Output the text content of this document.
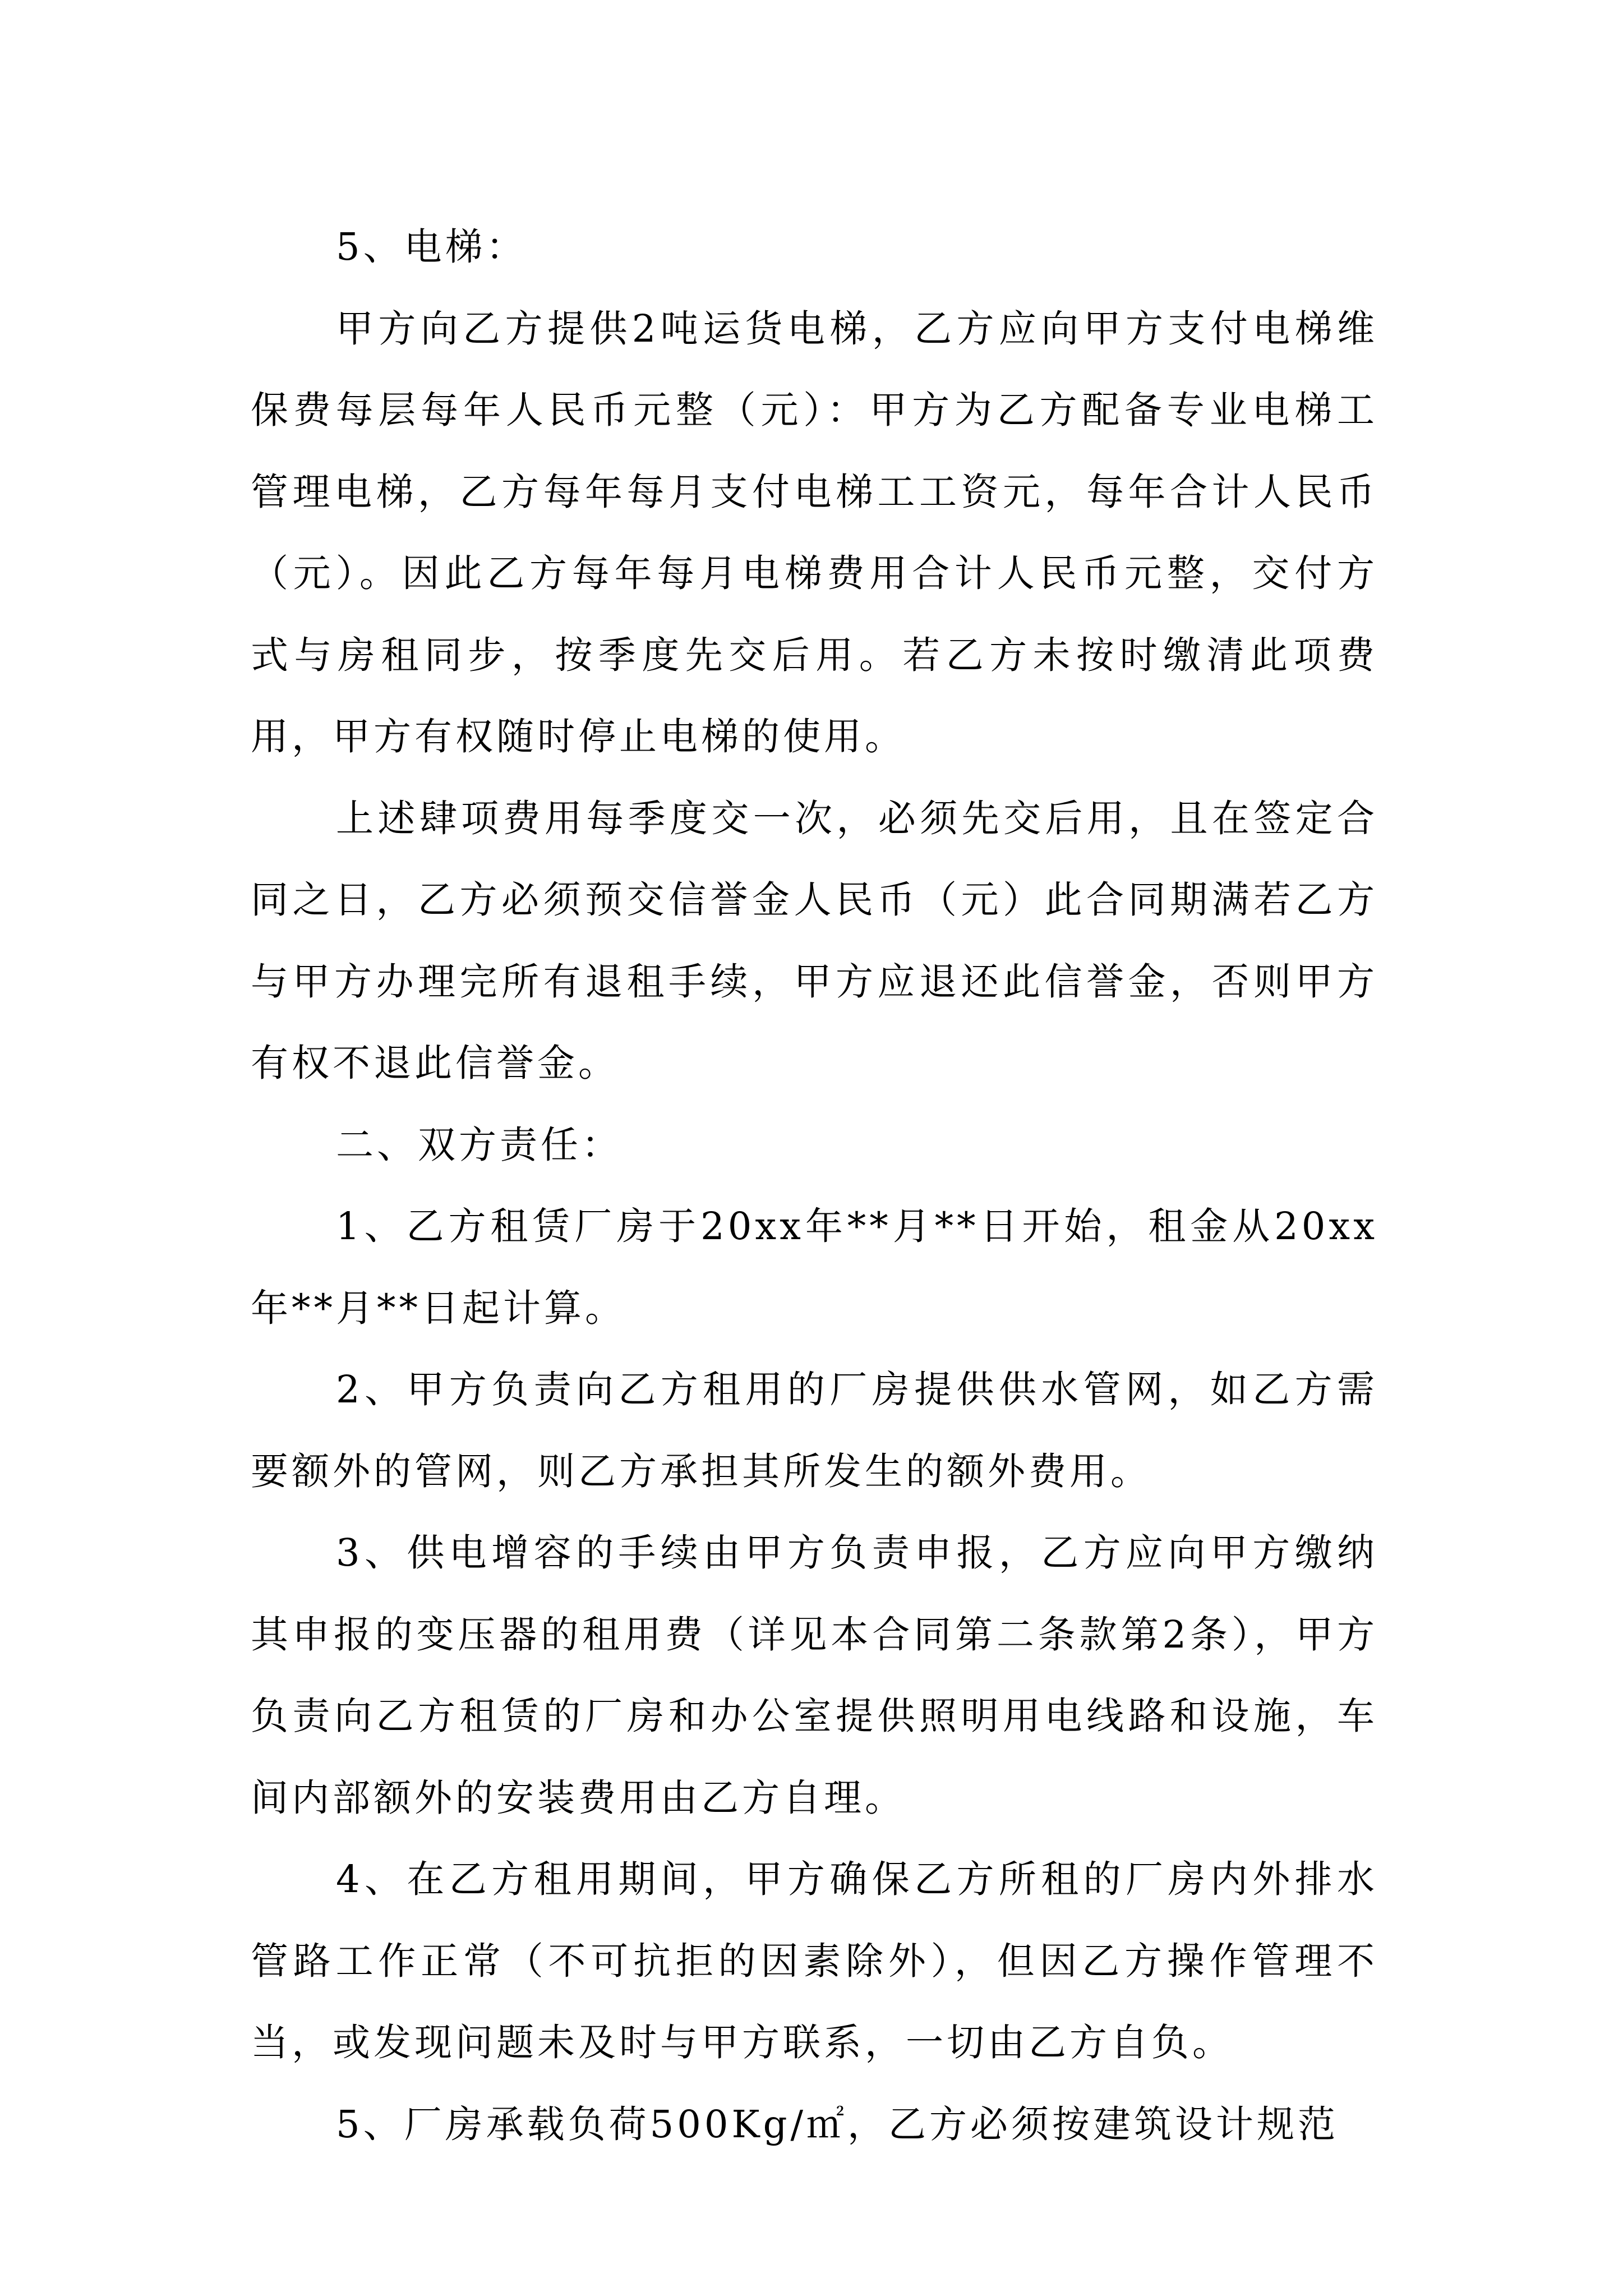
5、电梯：

甲方向乙方提供2吨运货电梯，乙方应向甲方支付电梯维保费每层每年人民币元整（元）：甲方为乙方配备专业电梯工管理电梯，乙方每年每月支付电梯工工资元，每年合计人民币（元）。因此乙方每年每月电梯费用合计人民币元整，交付方式与房租同步，按季度先交后用。若乙方未按时缴清此项费用，甲方有权随时停止电梯的使用。

上述肆项费用每季度交一次，必须先交后用，且在签定合同之日，乙方必须预交信誉金人民币（元）此合同期满若乙方与甲方办理完所有退租手续，甲方应退还此信誉金，否则甲方有权不退此信誉金。

二、双方责任：

1、乙方租赁厂房于20xx年**月**日开始，租金从20xx年**月**日起计算。

2、甲方负责向乙方租用的厂房提供供水管网，如乙方需要额外的管网，则乙方承担其所发生的额外费用。

3、供电增容的手续由甲方负责申报，乙方应向甲方缴纳其申报的变压器的租用费（详见本合同第二条款第2条），甲方负责向乙方租赁的厂房和办公室提供照明用电线路和设施，车间内部额外的安装费用由乙方自理。

4、在乙方租用期间，甲方确保乙方所租的厂房内外排水管路工作正常（不可抗拒的因素除外），但因乙方操作管理不当，或发现问题未及时与甲方联系，一切由乙方自负。

5、厂房承载负荷500Kg/㎡，乙方必须按建筑设计规范
